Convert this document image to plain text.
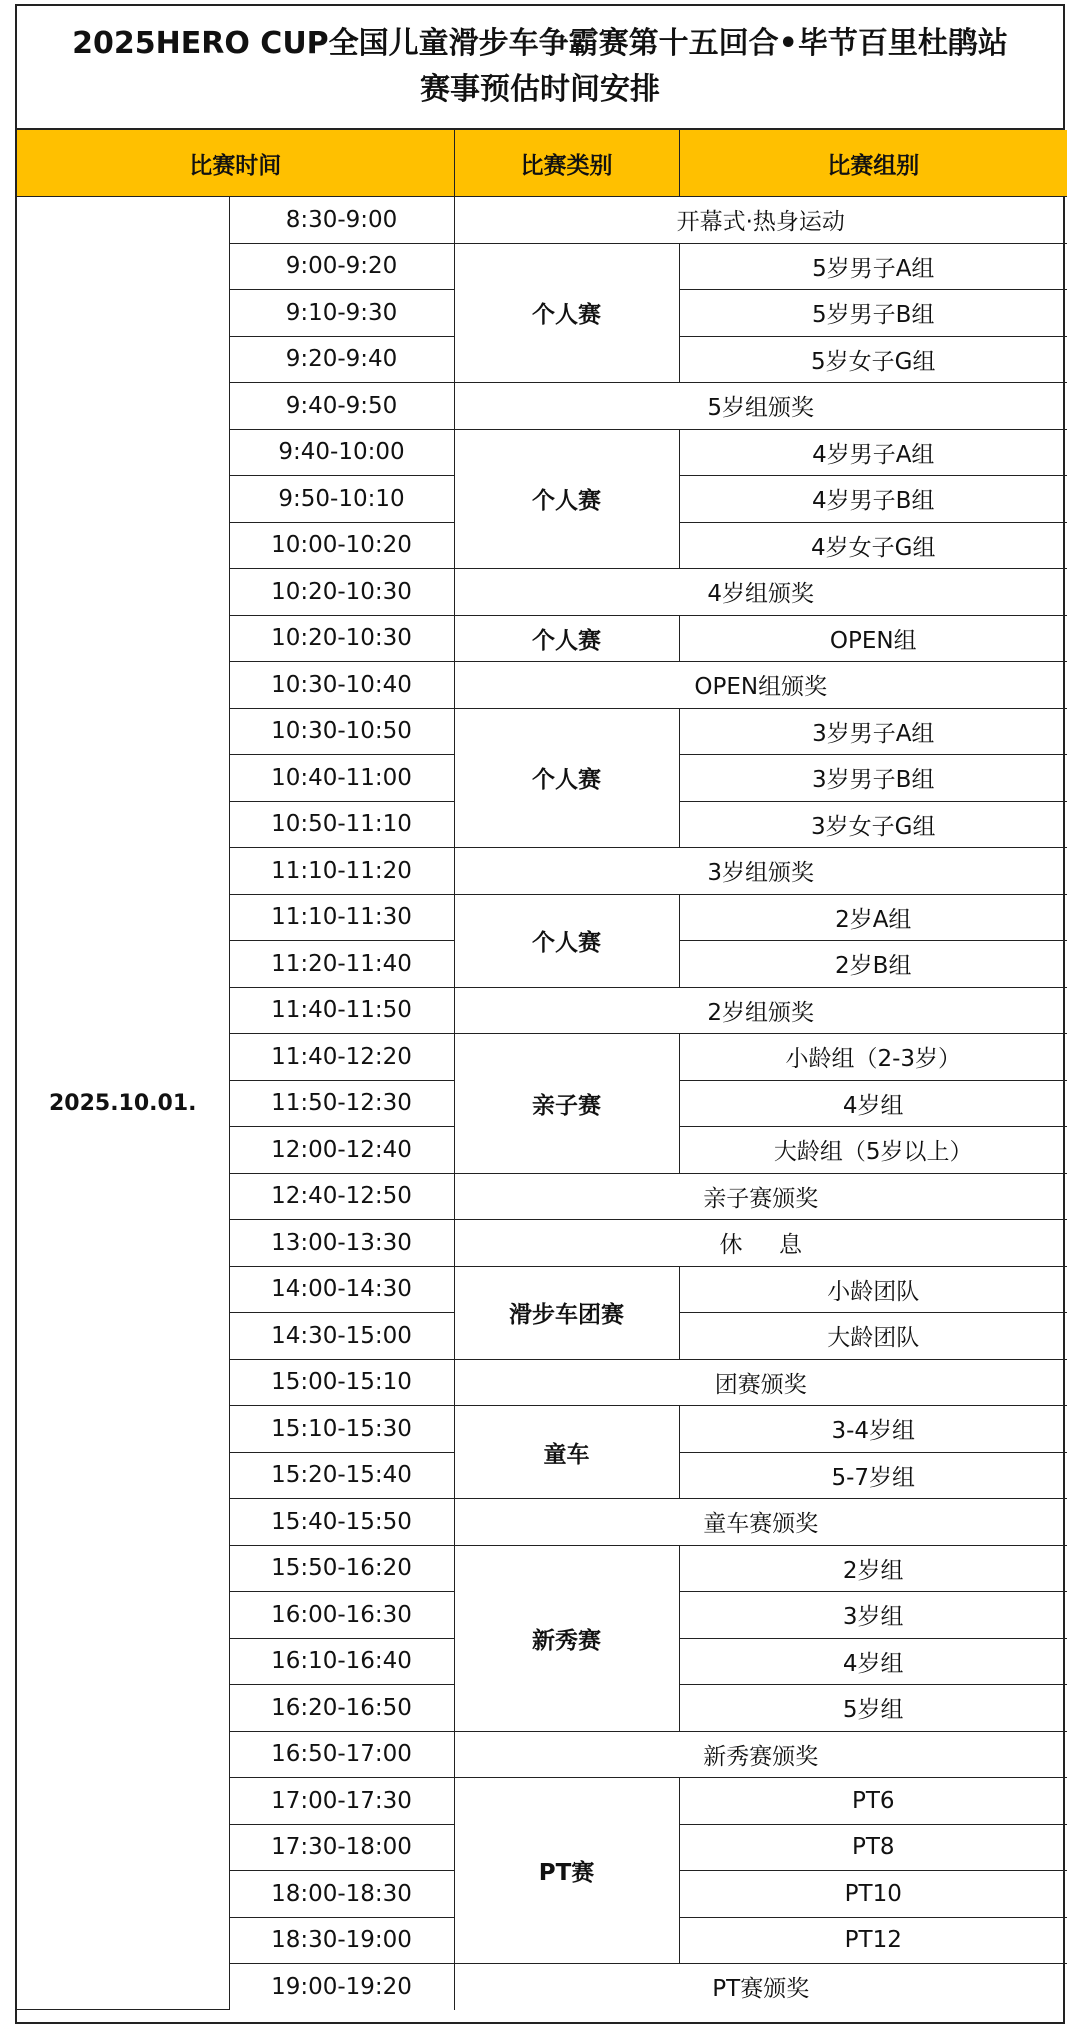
2025HERO CUP全国儿童滑步车争霸赛第十五回合•毕节百里杜鹃站
赛事预估时间安排
比赛时间		比赛类别	比赛组别
2025.10.01.	8:30-9:00	开幕式·热身运动	
	9:00-9:20	个人赛	5岁男子A组
	9:10-9:30		5岁男子B组
	9:20-9:40		5岁女子G组
	9:40-9:50	5岁组颁奖	
	9:40-10:00	个人赛	4岁男子A组
	9:50-10:10		4岁男子B组
	10:00-10:20		4岁女子G组
	10:20-10:30	4岁组颁奖	
	10:20-10:30	个人赛	OPEN组
	10:30-10:40	OPEN组颁奖	
	10:30-10:50	个人赛	3岁男子A组
	10:40-11:00		3岁男子B组
	10:50-11:10		3岁女子G组
	11:10-11:20	3岁组颁奖	
	11:10-11:30	个人赛	2岁A组
	11:20-11:40		2岁B组
	11:40-11:50	2岁组颁奖	
	11:40-12:20	亲子赛	小龄组（2-3岁）
	11:50-12:30		4岁组
	12:00-12:40		大龄组（5岁以上）
	12:40-12:50	亲子赛颁奖	
	13:00-13:30	休     息	
	14:00-14:30	滑步车团赛	小龄团队
	14:30-15:00		大龄团队
	15:00-15:10	团赛颁奖	
	15:10-15:30	童车	3-4岁组
	15:20-15:40		5-7岁组
	15:40-15:50	童车赛颁奖	
	15:50-16:20	新秀赛	2岁组
	16:00-16:30		3岁组
	16:10-16:40		4岁组
	16:20-16:50		5岁组
	16:50-17:00	新秀赛颁奖	
	17:00-17:30	PT赛	PT6
	17:30-18:00		PT8
	18:00-18:30		PT10
	18:30-19:00		PT12
	19:00-19:20	PT赛颁奖	
